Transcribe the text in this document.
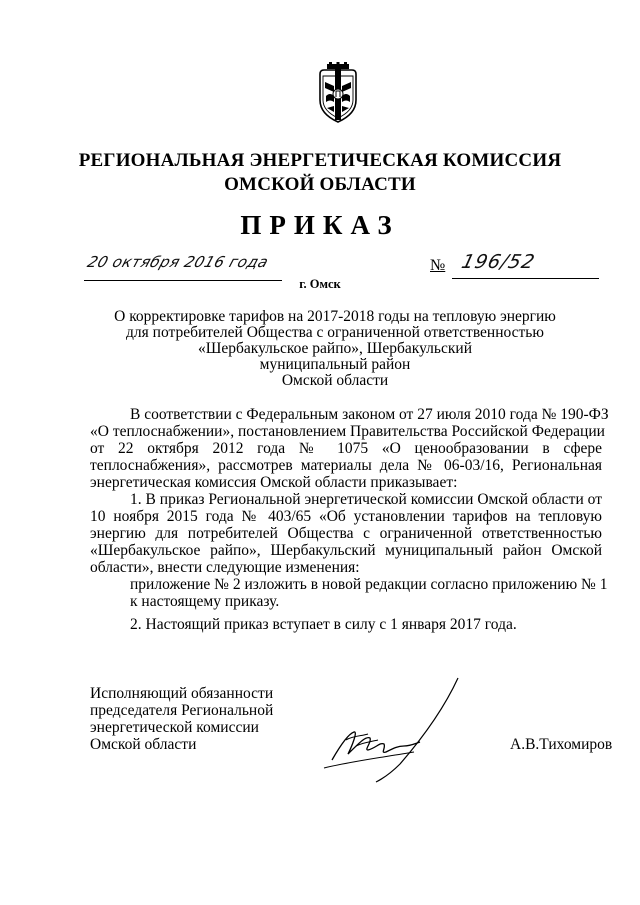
РЕГИОНАЛЬНАЯ ЭНЕРГЕТИЧЕСКАЯ КОМИССИЯ
ОМСКОЙ ОБЛАСТИ
ПРИКАЗ
20 октября 2016 года	№ 196/52
г. Омск
О корректировке тарифов на 2017-2018 годы на тепловую энергию
для потребителей Общества с ограниченной ответственностью
«Шербакульское райпо», Шербакульский
муниципальный район
Омской области
В соответствии с Федеральным законом от 27 июля 2010 года № 190-ФЗ
«О теплоснабжении», постановлением Правительства Российской Федерации
от 22 октября 2012 года № 1075 «О ценообразовании в сфере
теплоснабжения», рассмотрев материалы дела № 06-03/16, Региональная
энергетическая комиссия Омской области приказывает:
1. В приказ Региональной энергетической комиссии Омской области от
10 ноября 2015 года № 403/65 «Об установлении тарифов на тепловую
энергию для потребителей Общества с ограниченной ответственностью
«Шербакульское райпо», Шербакульский муниципальный район Омской
области», внести следующие изменения:
приложение № 2 изложить в новой редакции согласно приложению № 1
к настоящему приказу.
2. Настоящий приказ вступает в силу с 1 января 2017 года.
Исполняющий обязанности
председателя Региональной
энергетической комиссии
Омской области	А.В.Тихомиров
